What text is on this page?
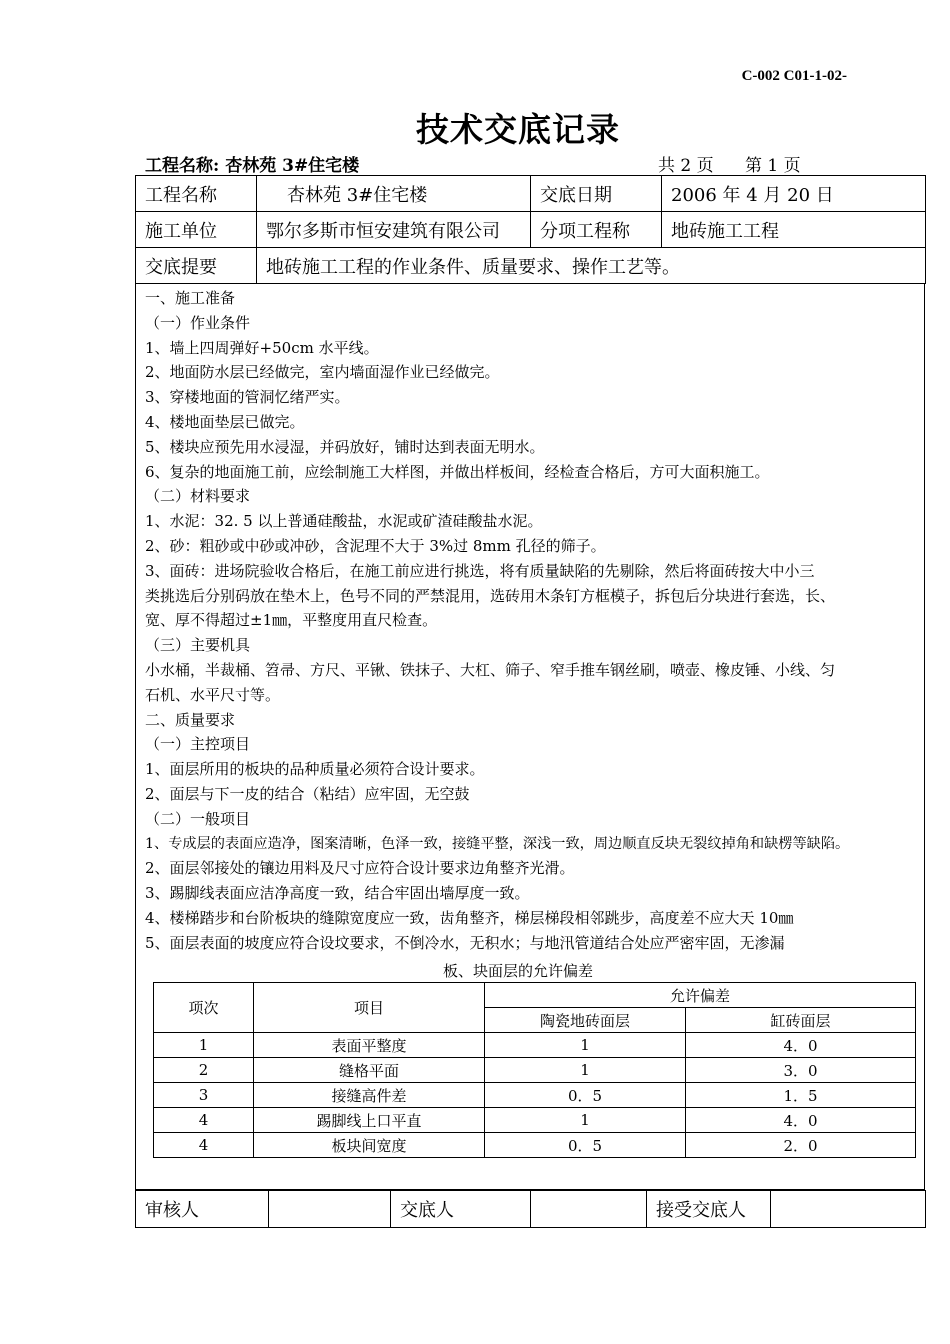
C-002 C01-1-02-
技术交底记录
工程名称: 杏林苑 3#住宅楼	共 2 页 第 1 页
工程名称	杏林苑 3#住宅楼	交底日期	2006 年 4 月 20 日
施工单位	鄂尔多斯市恒安建筑有限公司	分项工程称	地砖施工工程
交底提要	地砖施工工程的作业条件、质量要求、操作工艺等。		
一、施工准备
（一）作业条件
1、墙上四周弹好+50cm 水平线。
2、地面防水层已经做完，室内墙面湿作业已经做完。
3、穿楼地面的管洞忆绪严实。
4、楼地面垫层已做完。
5、楼块应预先用水浸湿，并码放好，铺时达到表面无明水。
6、复杂的地面施工前，应绘制施工大样图，并做出样板间，经检查合格后，方可大面积施工。
（二）材料要求
1、水泥：32. 5 以上普通硅酸盐，水泥或矿渣硅酸盐水泥。
2、砂：粗砂或中砂或冲砂，含泥理不大于 3%过 8mm 孔径的筛子。
3、面砖：进场院验收合格后，在施工前应进行挑选，将有质量缺陷的先剔除，然后将面砖按大中小三
类挑选后分别码放在垫木上，色号不同的严禁混用，选砖用木条钉方框模子，拆包后分块进行套选，长、
宽、厚不得超过±1㎜，平整度用直尺检查。
（三）主要机具
小水桶，半裁桶、笤帚、方尺、平锹、铁抹子、大杠、筛子、窄手推车钢丝刷，喷壶、橡皮锤、小线、匀
石机、水平尺寸等。
二、质量要求
（一）主控项目
1、面层所用的板块的品种质量必须符合设计要求。
2、面层与下一皮的结合（粘结）应牢固，无空鼓
（二）一般项目
1、专成层的表面应造净，图案清晰，色泽一致，接缝平整，深浅一致，周边顺直反块无裂纹掉角和缺楞等缺陷。
2、面层邻接处的镶边用料及尺寸应符合设计要求边角整齐光滑。
3、踢脚线表面应洁净高度一致，结合牢固出墙厚度一致。
4、楼梯踏步和台阶板块的缝隙宽度应一致，齿角整齐，梯层梯段相邻跳步，高度差不应大天 10㎜
5、面层表面的坡度应符合设坟要求，不倒冷水，无积水；与地汛管道结合处应严密牢固，无渗漏
板、块面层的允许偏差
项次	项目	允许偏差	
		陶瓷地砖面层	缸砖面层
1	表面平整度	1	4．0
2	缝格平面	1	3．0
3	接缝高件差	0．5	1．5
4	踢脚线上口平直	1	4．0
4	板块间宽度	0．5	2．0
审核人		交底人		接受交底人	
